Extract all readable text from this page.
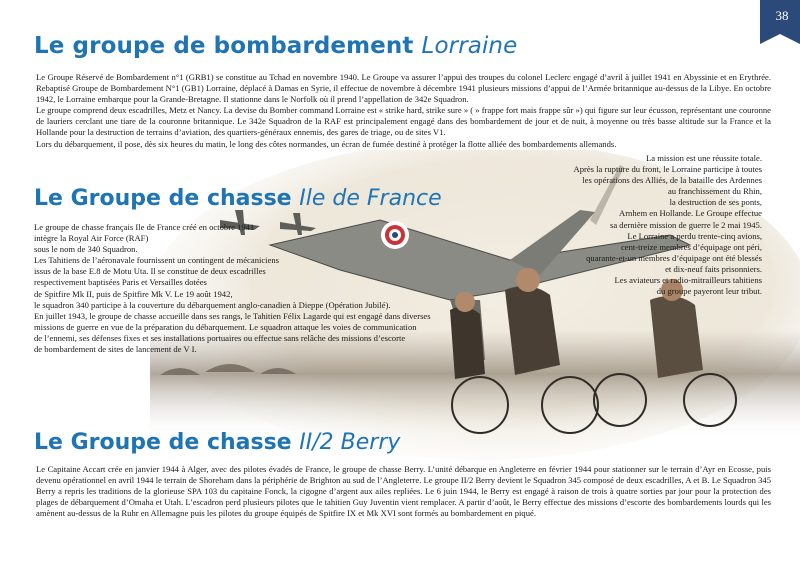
38
Le groupe de bombardement Lorraine

Le Groupe Réservé de Bombardement n°1 (GRB1) se constitue au Tchad en novembre 1940. Le Groupe va assurer l’appui des troupes du colonel Leclerc engagé d’avril à juillet 1941 en Abyssinie et en Erythrée. Rebaptisé Groupe de Bombardement N°1 (GB1) Lorraine, déplacé à Damas en Syrie, il effectue de novembre à décembre 1941 plusieurs missions d’appui de l’Armée britannique au-dessus de la Libye. En octobre 1942, le Lorraine embarque pour la Grande-Bretagne. Il stationne dans le Norfolk où il prend l’appellation de 342e Squadron.

Le groupe comprend deux escadrilles, Metz et Nancy. La devise du Bomber command Lorraine est « strike hard, strike sure » ( » frappe fort mais frappe sûr ») qui figure sur leur écusson, représentant une couronne de lauriers cerclant une tiare de la couronne britannique. Le 342e Squadron de la RAF est principalement engagé dans des bombardement de jour et de nuit, à moyenne ou très basse altitude sur la France et la Hollande pour la destruction de terrains d’aviation, des quartiers-généraux ennemis, des gares de triage, ou de sites V1.

Lors du débarquement, il pose, dès six heures du matin, le long des côtes normandes, un écran de fumée destiné à protéger la flotte alliée des bombardements allemands.

Le Groupe de chasse Ile de France

Le groupe de chasse français Ile de France créé en octobre 1941

intègre la Royal Air Force (RAF)

sous le nom de 340 Squadron.

Les Tahitiens de l’aéronavale fournissent un contingent de mécaniciens

issus de la base E.8 de Motu Uta. Il se constitue de deux escadrilles

respectivement baptisées Paris et Versailles dotées

de Spitfire Mk II, puis de Spitfire Mk V. Le 19 août 1942,

le squadron 340 participe à la couverture du débarquement anglo-canadien à Dieppe (Opération Jubilé).

En juillet 1943, le groupe de chasse accueille dans ses rangs, le Tahitien Félix Lagarde qui est engagé dans diverses

missions de guerre en vue de la préparation du débarquement. Le squadron attaque les voies de communication

de l’ennemi, ses défenses fixes et ses installations portuaires ou effectue sans relâche des missions d’escorte

de bombardement de sites de lancement de V I.

La mission est une réussite totale.

Après la rupture du front, le Lorraine participe à toutes

les opérations des Alliés, de la bataille des Ardennes

au franchissement du Rhin,

la destruction de ses ponts,

Arnhem en Hollande. Le Groupe effectue

sa dernière mission de guerre le 2 mai 1945.

Le Lorraine a perdu trente-cinq avions,

cent-treize membres d’équipage ont péri,

quarante-et-un membres d’équipage ont été blessés

et dix-neuf faits prisonniers.

Les aviateurs et radio-mitrailleurs tahitiens

du groupe payeront leur tribut.

Le Groupe de chasse II/2 Berry

Le Capitaine Accart crée en janvier 1944 à Alger, avec des pilotes évadés de France, le groupe de chasse Berry. L’unité débarque en Angleterre en février 1944 pour stationner sur le terrain d’Ayr en Ecosse, puis devenu opérationnel en avril 1944 le terrain de Shoreham dans la périphérie de Brighton au sud de l’Angleterre. Le groupe II/2 Berry devient le Squadron 345 composé de deux escadrilles, A et B. Le Squadron 345 Berry a repris les traditions de la glorieuse SPA 103 du capitaine Fonck, la cigogne d’argent aux ailes repliées. Le 6 juin 1944, le Berry est engagé à raison de trois à quatre sorties par jour pour la protection des plages de débarquement d’Omaha et Utah. L’escadron perd plusieurs pilotes que le tahitien Guy Juventin vient remplacer. A partir d’août, le Berry effectue des missions d’escorte des bombardements lourds qui les amènent au-dessus de la Ruhr en Allemagne puis les pilotes du groupe équipés de Spitfire IX et Mk XVI sont formés au bombardement en piqué.
